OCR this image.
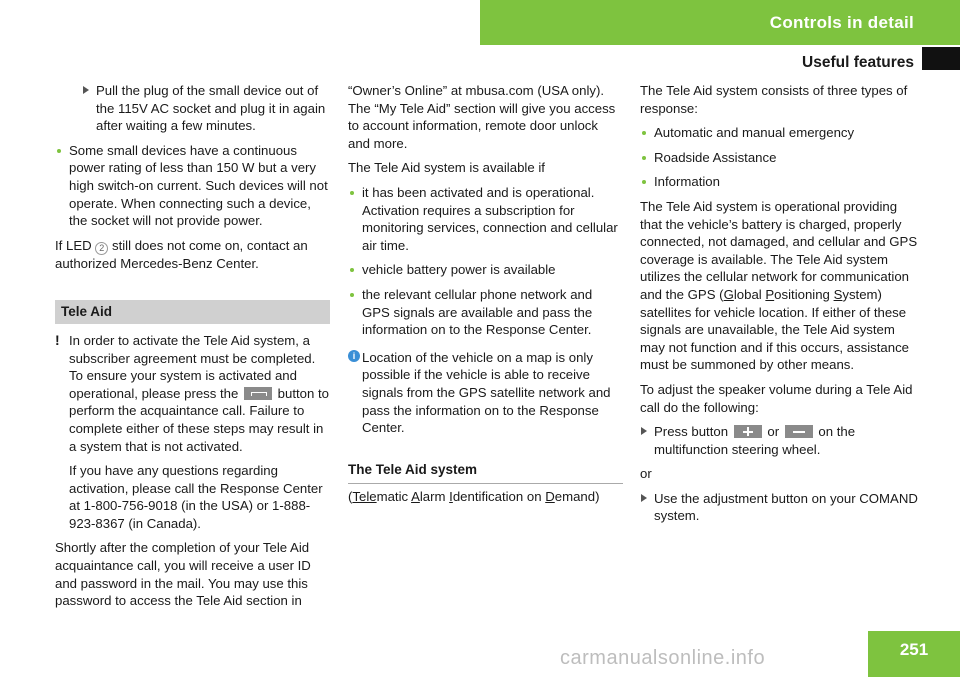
Controls in detail
Useful features
Pull the plug of the small device out of the 115V AC socket and plug it in again after waiting a few minutes.
Some small devices have a continuous power rating of less than 150 W but a very high switch-on current. Such devices will not operate. When connecting such a device, the socket will not provide power.

If LED 2 still does not come on, contact an authorized Mercedes-Benz Center.

Tele Aid
! In order to activate the Tele Aid system, a subscriber agreement must be completed. To ensure your system is activated and operational, please press the  button to perform the acquaintance call. Failure to complete either of these steps may result in a system that is not activated.

If you have any questions regarding activation, please call the Response Center at 1-800-756-9018 (in the USA) or 1-888-923-8367 (in Canada).

Shortly after the completion of your Tele Aid acquaintance call, you will receive a user ID and password in the mail. You may use this password to access the Tele Aid section in

“Owner’s Online” at mbusa.com (USA only). The “My Tele Aid” section will give you access to account information, remote door unlock and more.

The Tele Aid system is available if

it has been activated and is operational. Activation requires a subscription for monitoring services, connection and cellular air time.
vehicle battery power is available
the relevant cellular phone network and GPS signals are available and pass the information on to the Response Center.
i Location of the vehicle on a map is only possible if the vehicle is able to receive signals from the GPS satellite network and pass the information on to the Response Center.
The Tele Aid system

(Telematic Alarm Identification on Demand)

The Tele Aid system consists of three types of response:

Automatic and manual emergency
Roadside Assistance
Information

The Tele Aid system is operational providing that the vehicle’s battery is charged, properly connected, not damaged, and cellular and GPS coverage is available. The Tele Aid system utilizes the cellular network for communication and the GPS (Global Positioning System) satellites for vehicle location. If either of these signals are unavailable, the Tele Aid system may not function and if this occurs, assistance must be summoned by other means.

To adjust the speaker volume during a Tele Aid call do the following:

Press button  or  on the multifunction steering wheel.

or

Use the adjustment button on your COMAND system.
carmanualsonline.info	251
